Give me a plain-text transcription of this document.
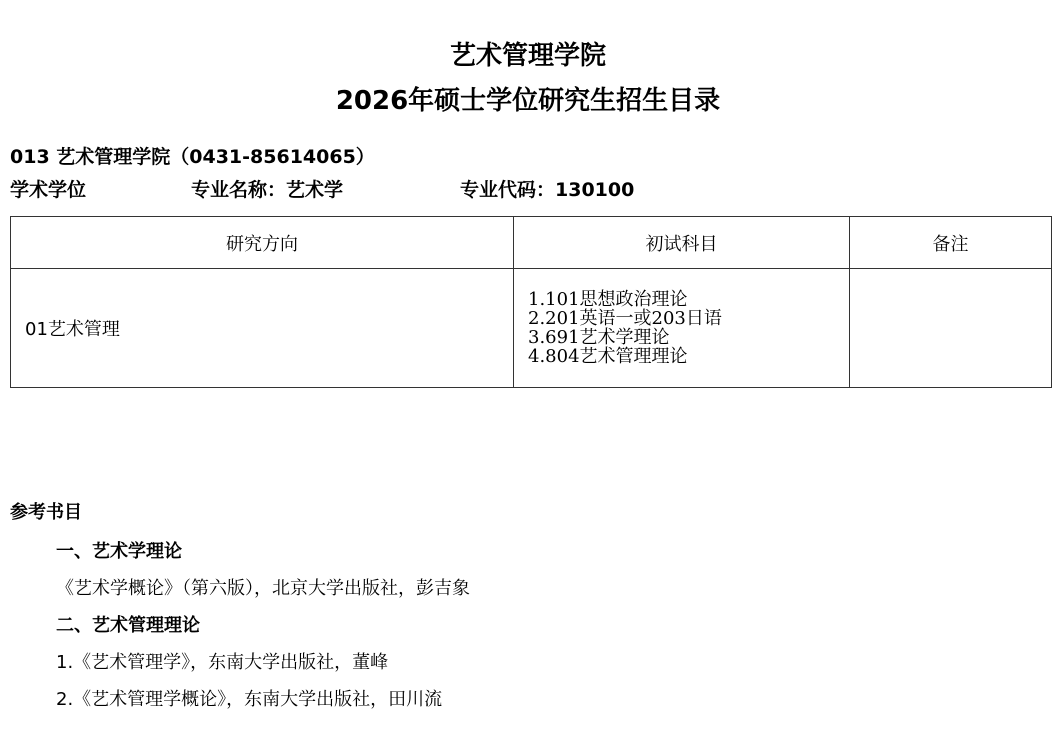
艺术管理学院
2026年硕士学位研究生招生目录
013 艺术管理学院（0431-85614065）
学术学位	专业名称：艺术学	专业代码：130100
研究方向	初试科目	备注
01艺术管理	1.101思想政治理论
2.201英语一或203日语
3.691艺术学理论
4.804艺术管理理论	

参考书目
一、艺术学理论
《艺术学概论》（第六版），北京大学出版社，彭吉象
二、艺术管理理论
1.《艺术管理学》，东南大学出版社，董峰
2.《艺术管理学概论》，东南大学出版社，田川流
